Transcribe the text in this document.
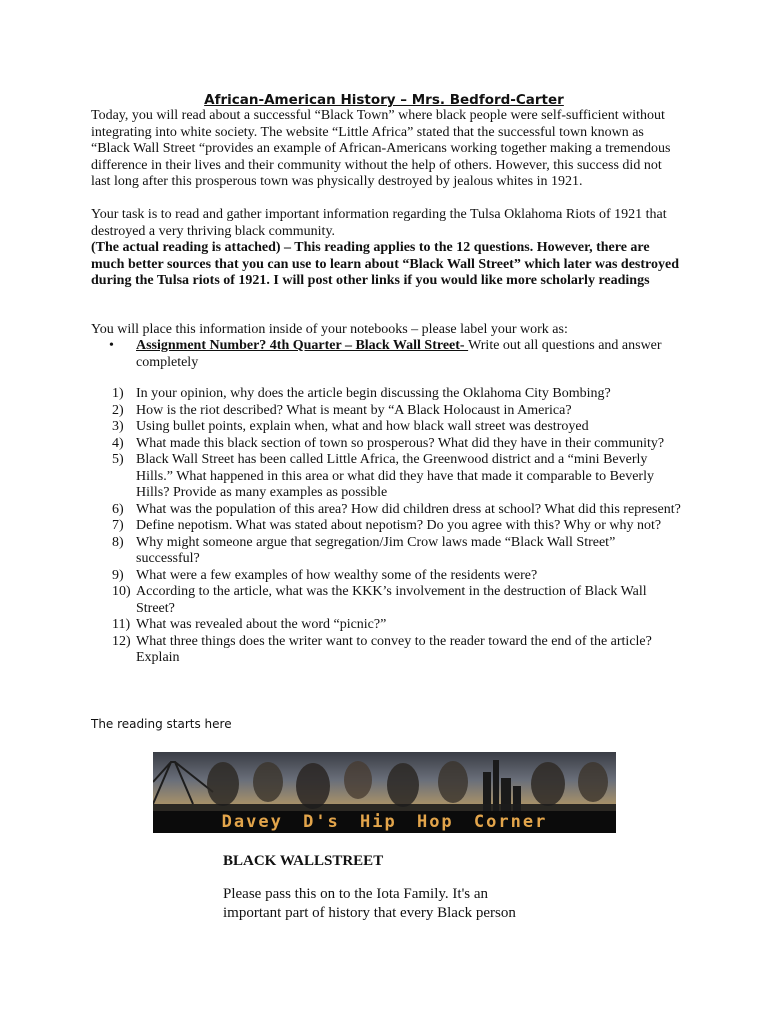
African-American History – Mrs. Bedford-Carter
Today, you will read about a successful “Black Town” where black people were self-sufficient without integrating into white society. The website “Little Africa” stated that the successful town known as “Black Wall Street “provides an example of African-Americans working together making a tremendous difference in their lives and their community without the help of others. However, this success did not last long after this prosperous town was physically destroyed by jealous whites in 1921.
Your task is to read and gather important information regarding the Tulsa Oklahoma Riots of 1921 that destroyed a very thriving black community.
(The actual reading is attached) – This reading applies to the 12 questions. However, there are much better sources that you can use to learn about “Black Wall Street” which later was destroyed during the Tulsa riots of 1921. I will post other links if you would like more scholarly readings
You will place this information inside of your notebooks – please label your work as:
• Assignment Number? 4th Quarter – Black Wall Street- Write out all questions and answer completely
1) In your opinion, why does the article begin discussing the Oklahoma City Bombing?
2) How is the riot described? What is meant by “A Black Holocaust in America?
3) Using bullet points, explain when, what and how black wall street was destroyed
4) What made this black section of town so prosperous? What did they have in their community?
5) Black Wall Street has been called Little Africa, the Greenwood district and a “mini Beverly Hills.” What happened in this area or what did they have that made it comparable to Beverly Hills? Provide as many examples as possible
6) What was the population of this area? How did children dress at school? What did this represent?
7) Define nepotism. What was stated about nepotism? Do you agree with this? Why or why not?
8) Why might someone argue that segregation/Jim Crow laws made “Black Wall Street” successful?
9) What were a few examples of how wealthy some of the residents were?
10) According to the article, what was the KKK’s involvement in the destruction of Black Wall Street?
11) What was revealed about the word “picnic?”
12) What three things does the writer want to convey to the reader toward the end of the article? Explain
The reading starts here
Davey D's Hip Hop Corner
BLACK WALLSTREET
Please pass this on to the Iota Family. It's an important part of history that every Black person
